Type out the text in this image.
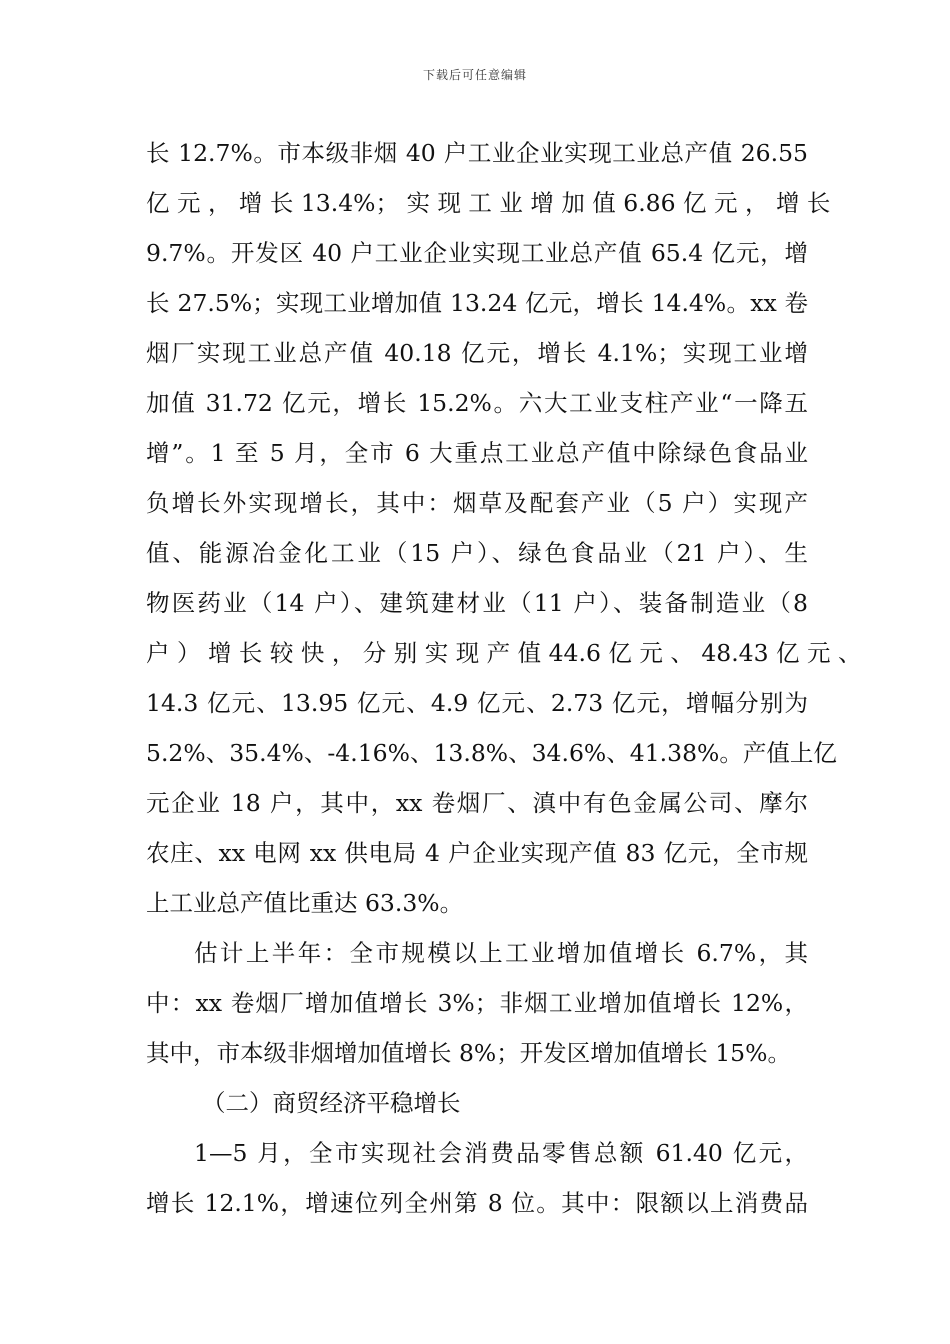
下载后可任意编辑
长 12.7%。市本级非烟 40 户工业企业实现工业总产值 26.55
亿 元 ， 增 长 13.4%； 实 现 工 业 增 加 值 6.86 亿 元 ， 增 长
9.7%。开发区 40 户工业企业实现工业总产值 65.4 亿元，增
长 27.5%；实现工业增加值 13.24 亿元，增长 14.4%。xx 卷
烟厂实现工业总产值 40.18 亿元，增长 4.1%；实现工业增
加值 31.72 亿元，增长 15.2%。六大工业支柱产业“一降五
增”。1 至 5 月，全市 6 大重点工业总产值中除绿色食品业
负增长外实现增长，其中：烟草及配套产业（5 户）实现产
值、能源冶金化工业（15 户）、绿色食品业（21 户）、生
物医药业（14 户）、建筑建材业（11 户）、装备制造业（8
户 ） 增 长 较 快 ， 分 别 实 现 产 值 44.6 亿 元 、 48.43 亿 元 、
14.3 亿元、13.95 亿元、4.9 亿元、2.73 亿元，增幅分别为
5.2%、35.4%、-4.16%、13.8%、34.6%、41.38%。产值上亿
元企业 18 户，其中，xx 卷烟厂、滇中有色金属公司、摩尔
农庄、xx 电网 xx 供电局 4 户企业实现产值 83 亿元，全市规
上工业总产值比重达 63.3%。
估计上半年：全市规模以上工业增加值增长 6.7%，其
中：xx 卷烟厂增加值增长 3%；非烟工业增加值增长 12%，
其中，市本级非烟增加值增长 8%；开发区增加值增长 15%。
（二）商贸经济平稳增长
1—5 月，全市实现社会消费品零售总额 61.40 亿元，
增长 12.1%，增速位列全州第 8 位。其中：限额以上消费品
